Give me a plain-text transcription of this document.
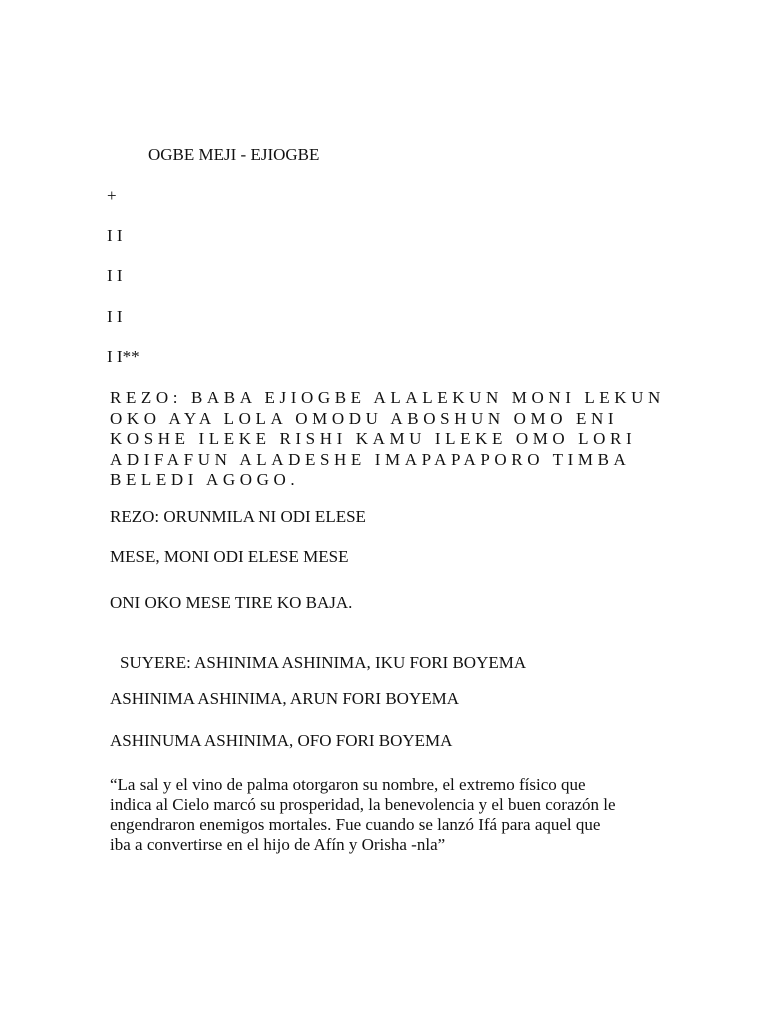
OGBE MEJI - EJIOGBE
+
I I
I I
I I
I I**
REZO: BABA EJIOGBE ALALEKUN MONI LEKUN
OKO AYA LOLA OMODU ABOSHUN OMO ENI
KOSHE ILEKE RISHI KAMU ILEKE OMO LORI
ADIFAFUN ALADESHE IMAPAPAPORO TIMBA
BELEDI AGOGO.
REZO: ORUNMILA NI ODI ELESE
MESE, MONI ODI ELESE MESE
ONI OKO MESE TIRE KO BAJA.
SUYERE: ASHINIMA ASHINIMA, IKU FORI BOYEMA
ASHINIMA ASHINIMA, ARUN FORI BOYEMA
ASHINUMA ASHINIMA, OFO FORI BOYEMA
“La sal y el vino de palma otorgaron su nombre, el extremo físico que
indica al Cielo marcó su prosperidad, la benevolencia y el buen corazón le
engendraron enemigos mortales. Fue cuando se lanzó Ifá para aquel que
iba a convertirse en el hijo de Afín y Orisha -nla”
